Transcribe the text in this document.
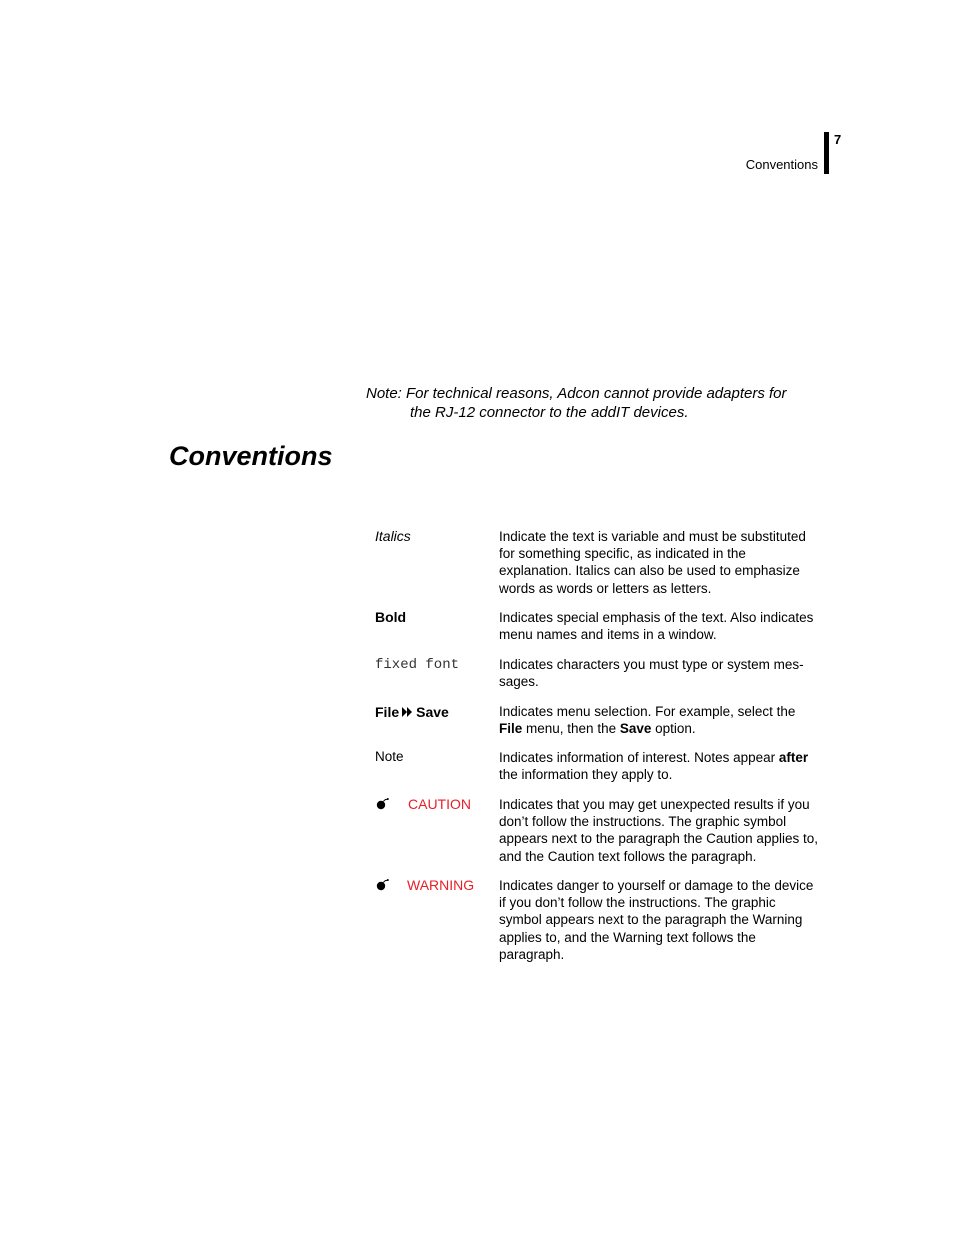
Conventions
7
Note: For technical reasons, Adcon cannot provide adapters for
the RJ-12 connector to the addIT devices.
Conventions
Italics	Indicate the text is variable and must be substituted for something specific, as indicated in the explanation. Italics can also be used to emphasize words as words or letters as letters.
Bold	Indicates special emphasis of the text. Also indicates menu names and items in a window.
fixed font	Indicates characters you must type or system mes-
sages.
File Save	Indicates menu selection. For example, select the File menu, then the Save option.
Note	Indicates information of interest. Notes appear after the information they apply to.
CAUTION Indicates that you may get unexpected results if you don’t follow the instructions. The graphic symbol appears next to the paragraph the Caution applies to, and the Caution text follows the paragraph.
WARNING Indicates danger to yourself or damage to the device if you don’t follow the instructions. The graphic symbol appears next to the paragraph the Warning applies to, and the Warning text follows the paragraph.
